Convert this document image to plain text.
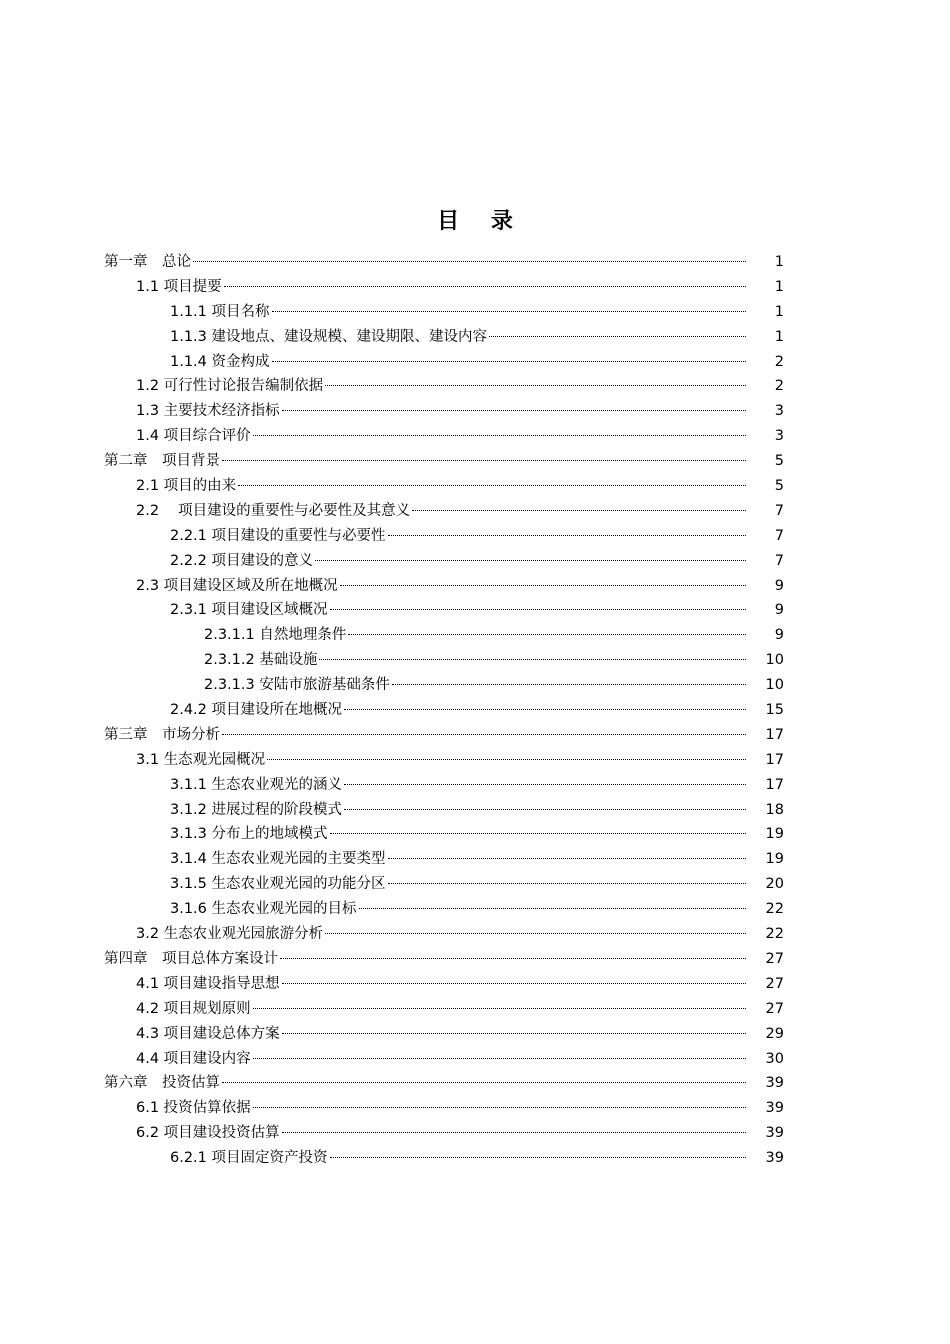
目 录
第一章　总论	1
1.1 项目提要	1
1.1.1 项目名称	1
1.1.3 建设地点、建设规模、建设期限、建设内容	1
1.1.4 资金构成	2
1.2 可行性讨论报告编制依据	2
1.3 主要技术经济指标	3
1.4 项目综合评价	3
第二章　项目背景	5
2.1 项目的由来	5
2.2　 项目建设的重要性与必要性及其意义	7
2.2.1 项目建设的重要性与必要性	7
2.2.2 项目建设的意义	7
2.3 项目建设区域及所在地概况	9
2.3.1 项目建设区域概况	9
2.3.1.1 自然地理条件	9
2.3.1.2 基础设施	10
2.3.1.3 安陆市旅游基础条件	10
2.4.2 项目建设所在地概况	15
第三章　市场分析	17
3.1 生态观光园概况	17
3.1.1 生态农业观光的涵义	17
3.1.2 进展过程的阶段模式	18
3.1.3 分布上的地域模式	19
3.1.4 生态农业观光园的主要类型	19
3.1.5 生态农业观光园的功能分区	20
3.1.6 生态农业观光园的目标	22
3.2 生态农业观光园旅游分析	22
第四章　项目总体方案设计	27
4.1 项目建设指导思想	27
4.2 项目规划原则	27
4.3 项目建设总体方案	29
4.4 项目建设内容	30
第六章　投资估算	39
6.1 投资估算依据	39
6.2 项目建设投资估算	39
6.2.1 项目固定资产投资	39
